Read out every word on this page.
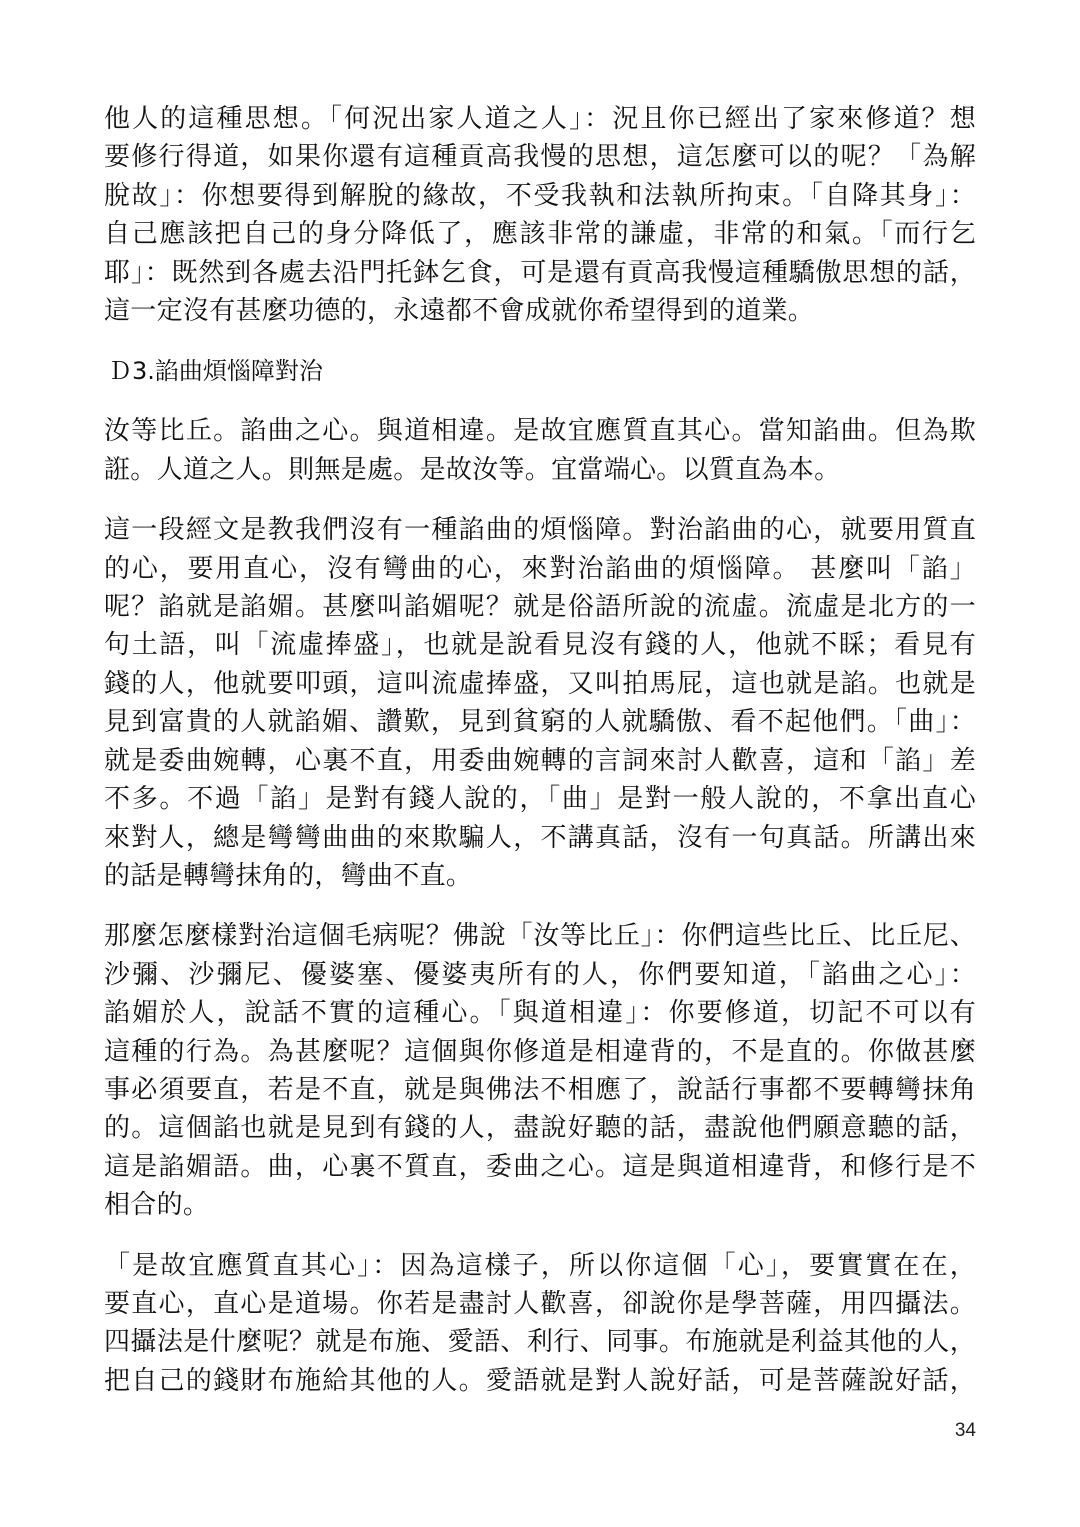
他人的這種思想。「何況出家人道之人」：況且你已經出了家來修道？想
要修行得道，如果你還有這種貢高我慢的思想，這怎麼可以的呢？「為解
脫故」：你想要得到解脫的緣故，不受我執和法執所拘束。「自降其身」：
自己應該把自己的身分降低了，應該非常的謙虛，非常的和氣。「而行乞
耶」：既然到各處去沿門托鉢乞食，可是還有貢高我慢這種驕傲思想的話，
這一定沒有甚麼功德的，永遠都不會成就你希望得到的道業。
Ｄ3.諂曲煩惱障對治
汝等比丘。諂曲之心。與道相違。是故宜應質直其心。當知諂曲。但為欺
誑。人道之人。則無是處。是故汝等。宜當端心。以質直為本。
這一段經文是教我們沒有一種諂曲的煩惱障。對治諂曲的心，就要用質直
的心，要用直心，沒有彎曲的心，來對治諂曲的煩惱障。 甚麼叫「諂」
呢？諂就是諂媚。甚麼叫諂媚呢？就是俗語所說的流虛。流虛是北方的一
句土語，叫「流虛捧盛」，也就是說看見沒有錢的人，他就不睬；看見有
錢的人，他就要叩頭，這叫流虛捧盛，又叫拍馬屁，這也就是諂。也就是
見到富貴的人就諂媚、讚歎，見到貧窮的人就驕傲、看不起他們。「曲」：
就是委曲婉轉，心裏不直，用委曲婉轉的言詞來討人歡喜，這和「諂」差
不多。不過「諂」是對有錢人說的，「曲」是對一般人說的，不拿出直心
來對人，總是彎彎曲曲的來欺騙人，不講真話，沒有一句真話。所講出來
的話是轉彎抹角的，彎曲不直。
那麼怎麼樣對治這個毛病呢？佛說「汝等比丘」：你們這些比丘、比丘尼、
沙彌、沙彌尼、優婆塞、優婆夷所有的人，你們要知道，「諂曲之心」：
諂媚於人，說話不實的這種心。「與道相違」：你要修道，切記不可以有
這種的行為。為甚麼呢？這個與你修道是相違背的，不是直的。你做甚麼
事必須要直，若是不直，就是與佛法不相應了，說話行事都不要轉彎抹角
的。這個諂也就是見到有錢的人，盡說好聽的話，盡說他們願意聽的話，
這是諂媚語。曲，心裏不質直，委曲之心。這是與道相違背，和修行是不
相合的。
「是故宜應質直其心」：因為這樣子，所以你這個「心」，要實實在在，
要直心，直心是道場。你若是盡討人歡喜，卻說你是學菩薩，用四攝法。
四攝法是什麼呢？就是布施、愛語、利行、同事。布施就是利益其他的人，
把自己的錢財布施給其他的人。愛語就是對人說好話，可是菩薩說好話，
34
